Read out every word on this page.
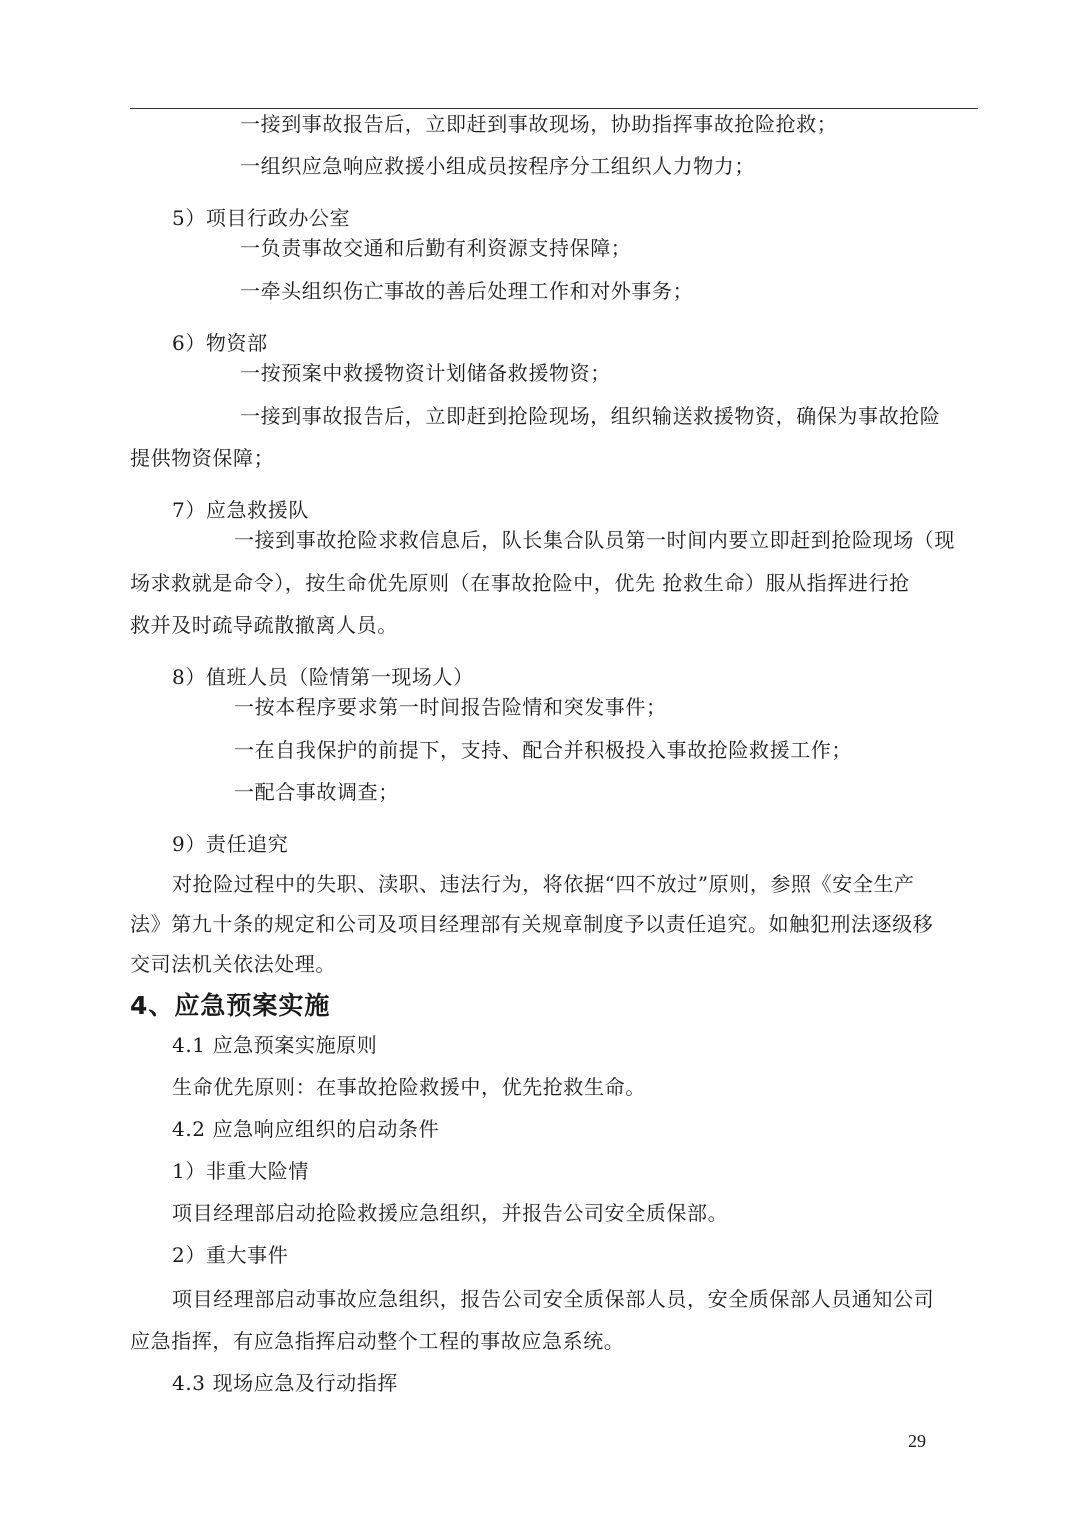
一接到事故报告后，立即赶到事故现场，协助指挥事故抢险抢救；

一组织应急响应救援小组成员按程序分工组织人力物力；

5）项目行政办公室

一负责事故交通和后勤有利资源支持保障；

一牵头组织伤亡事故的善后处理工作和对外事务；

6）物资部

一按预案中救援物资计划储备救援物资；

一接到事故报告后，立即赶到抢险现场，组织输送救援物资，确保为事故抢险

提供物资保障；

7）应急救援队

一接到事故抢险求救信息后，队长集合队员第一时间内要立即赶到抢险现场（现

场求救就是命令），按生命优先原则（在事故抢险中，优先 抢救生命）服从指挥进行抢

救并及时疏导疏散撤离人员。

8）值班人员（险情第一现场人）

一按本程序要求第一时间报告险情和突发事件；

一在自我保护的前提下，支持、配合并积极投入事故抢险救援工作；

一配合事故调查；

9）责任追究

对抢险过程中的失职、渎职、违法行为，将依据“四不放过”原则，参照《安全生产

法》第九十条的规定和公司及项目经理部有关规章制度予以责任追究。如触犯刑法逐级移

交司法机关依法处理。

4、应急预案实施

4.1 应急预案实施原则

生命优先原则：在事故抢险救援中，优先抢救生命。

4.2 应急响应组织的启动条件

1）非重大险情

项目经理部启动抢险救援应急组织，并报告公司安全质保部。

2）重大事件

项目经理部启动事故应急组织，报告公司安全质保部人员，安全质保部人员通知公司

应急指挥，有应急指挥启动整个工程的事故应急系统。

4.3 现场应急及行动指挥

29
